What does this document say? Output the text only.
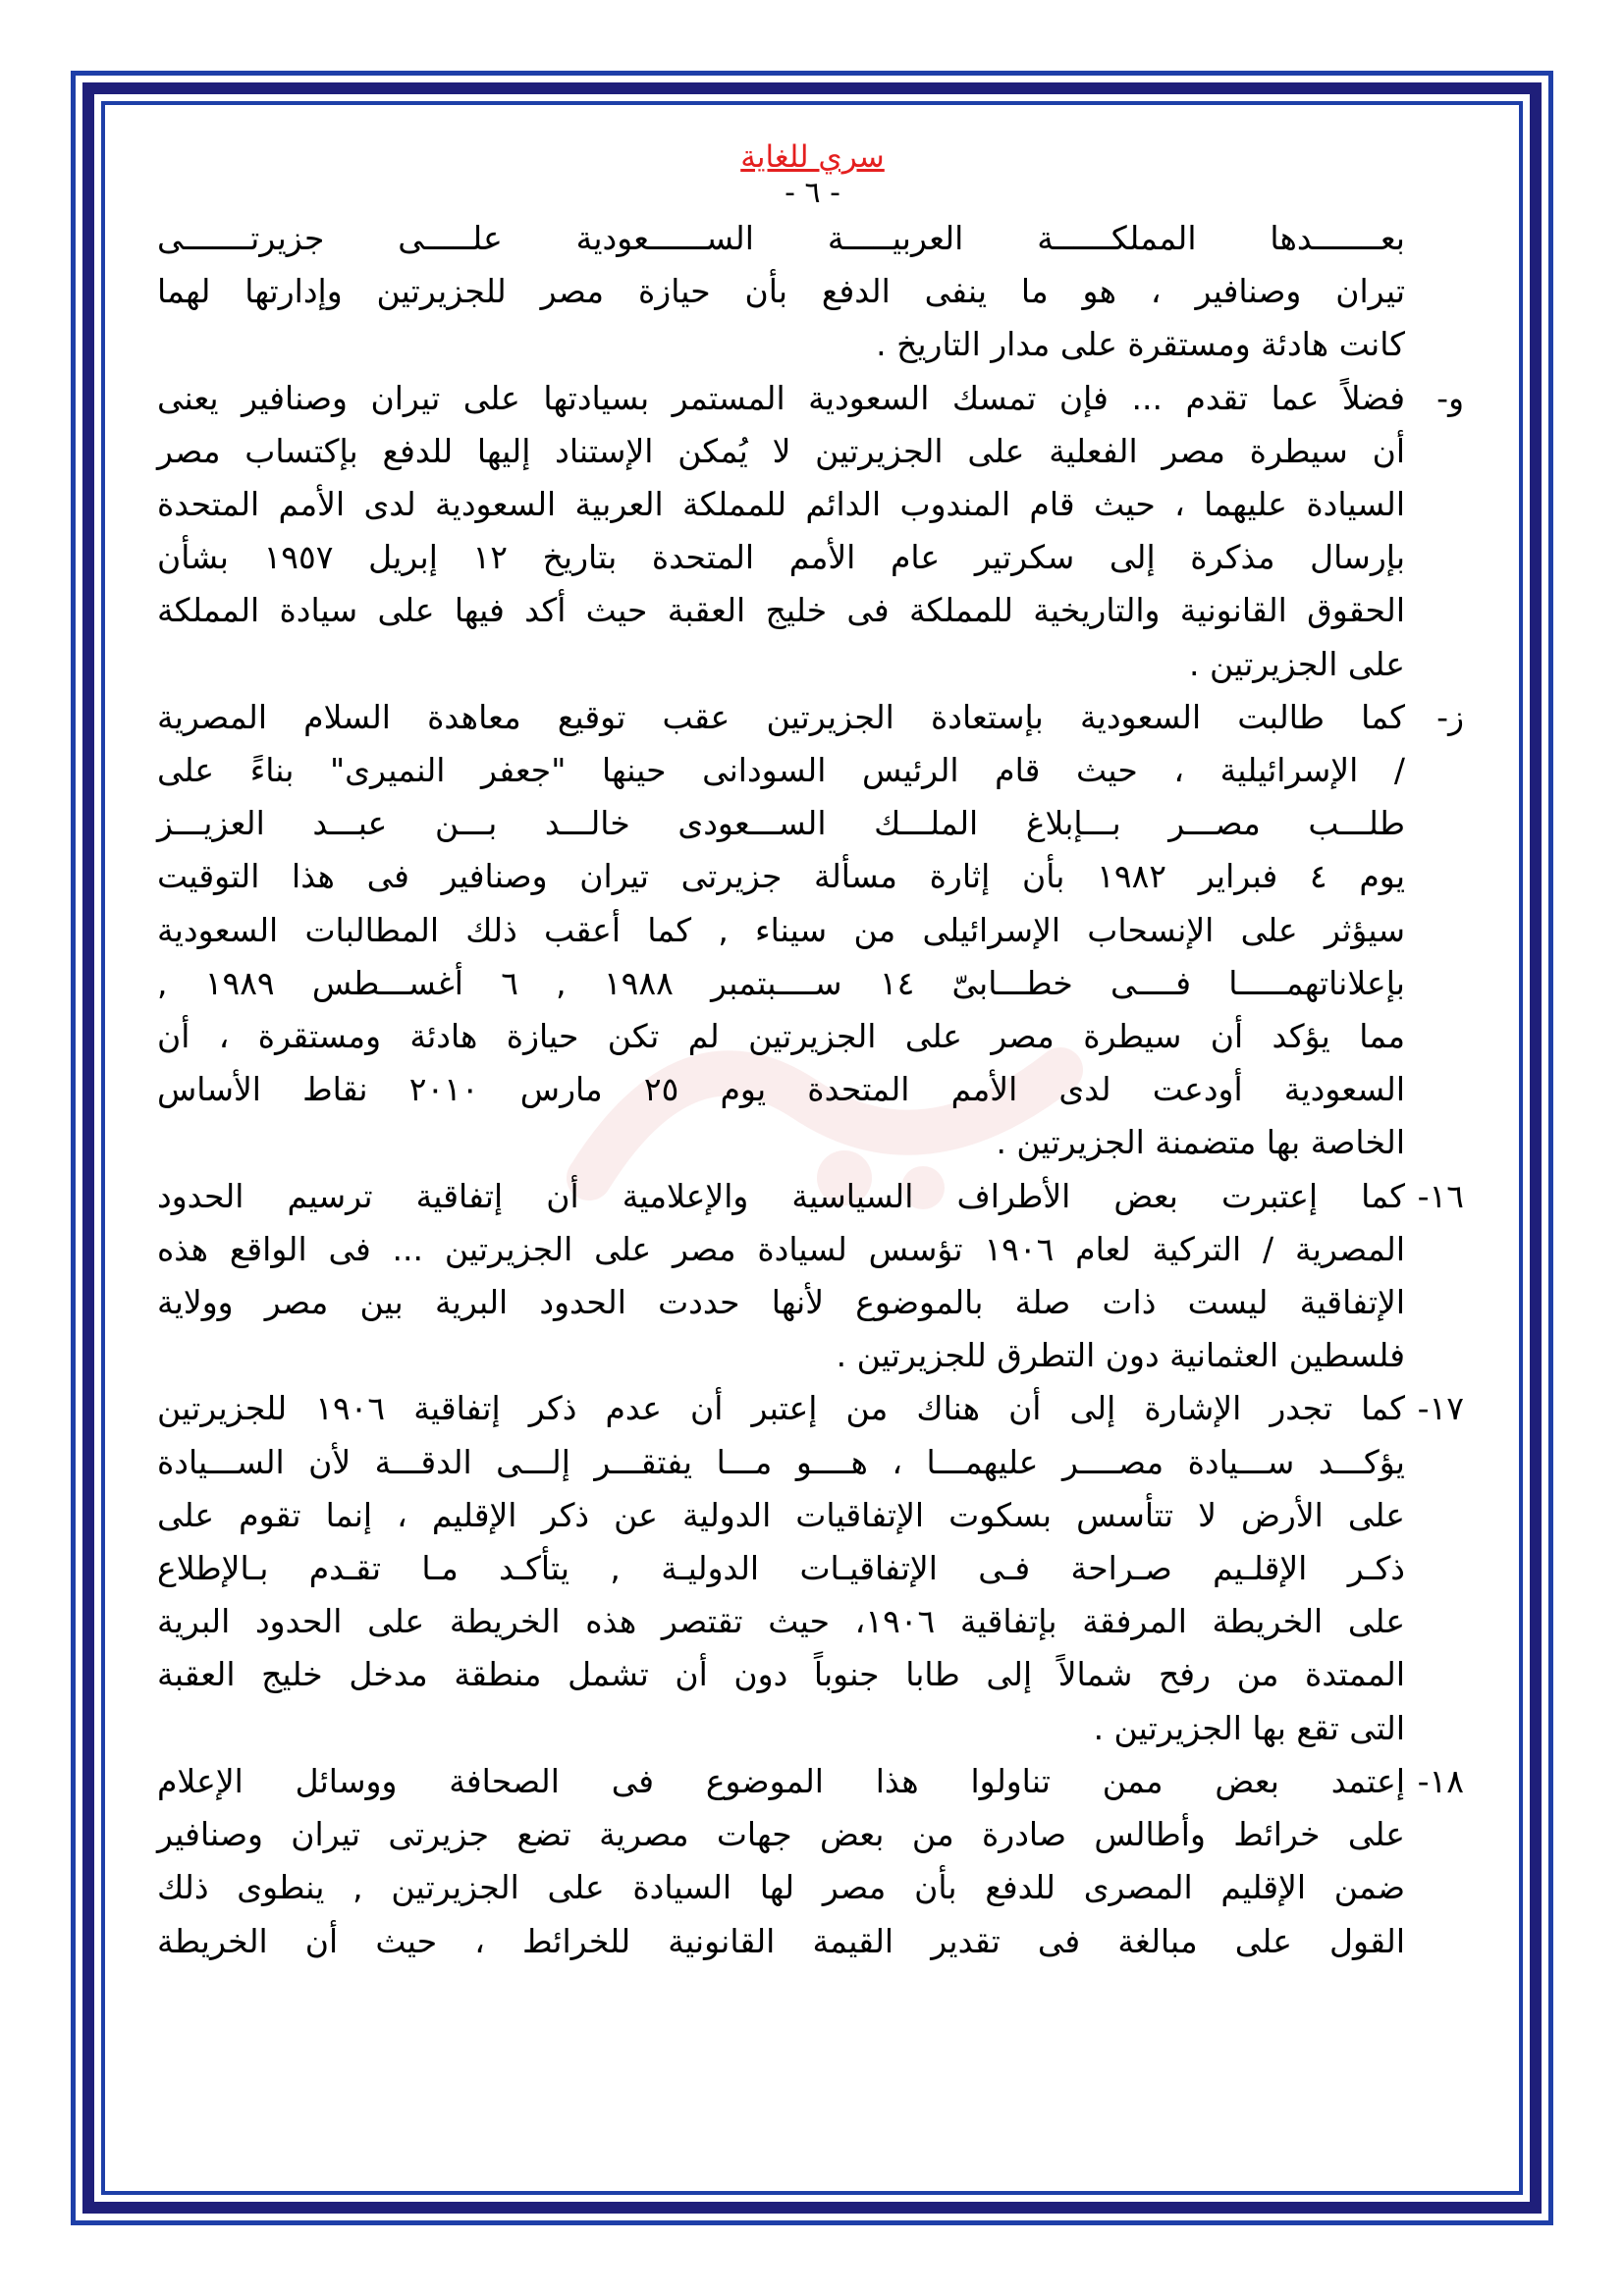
سري للغاية
- ٦ -
بعـــــــدها المملكــــــة العربيـــــة الســــــعودية علـــــى جزيرتـــــــى
تيران وصنافير ، هو ما ينفى الدفع بأن حيازة مصر للجزيرتين وإدارتها لهما
كانت هادئة ومستقرة على مدار التاريخ .
و-
فضلاً عما تقدم ... فإن تمسك السعودية المستمر بسيادتها على تيران وصنافير يعنى
أن سيطرة مصر الفعلية على الجزيرتين لا يُمكن الإستناد إليها للدفع بإكتساب مصر
السيادة عليهما ، حيث قام المندوب الدائم للمملكة العربية السعودية لدى الأمم المتحدة
بإرسال مذكرة إلى سكرتير عام الأمم المتحدة بتاريخ ١٢ إبريل ١٩٥٧ بشأن
الحقوق القانونية والتاريخية للمملكة فى خليج العقبة حيث أكد فيها على سيادة المملكة
على الجزيرتين .
ز-
كما طالبت السعودية بإستعادة الجزيرتين عقب توقيع معاهدة السلام المصرية
/ الإسرائيلية ، حيث قام الرئيس السودانى حينها "جعفر النميرى" بناءً على
طلـــب مصـــر بـــإبلاغ الملـــك الســـعودى خالـــد بـــن عبـــد العزيـــز
يوم ٤ فبراير ١٩٨٢ بأن إثارة مسألة جزيرتى تيران وصنافير فى هذا التوقيت
سيؤثر على الإنسحاب الإسرائيلى من سيناء , كما أعقب ذلك المطالبات السعودية
بإعلاناتهمـــــا فــــى خطـــابىّ ١٤ ســــبتمبر ١٩٨٨ , ٦ أغســـطس ١٩٨٩ ,
مما يؤكد أن سيطرة مصر على الجزيرتين لم تكن حيازة هادئة ومستقرة ، أن
السعودية أودعت لدى الأمم المتحدة يوم ٢٥ مارس ٢٠١٠ نقاط الأساس
الخاصة بها متضمنة الجزيرتين .
١٦-
كما إعتبرت بعض الأطراف السياسية والإعلامية أن إتفاقية ترسيم الحدود
المصرية / التركية لعام ١٩٠٦ تؤسس لسيادة مصر على الجزيرتين ... فى الواقع هذه
الإتفاقية ليست ذات صلة بالموضوع لأنها حددت الحدود البرية بين مصر وولاية
فلسطين العثمانية دون التطرق للجزيرتين .
١٧-
كما تجدر الإشارة إلى أن هناك من إعتبر أن عدم ذكر إتفاقية ١٩٠٦ للجزيرتين
يؤكـــد ســـيادة مصــــر عليهمـــا ، هــــو مـــا يفتقـــر إلـــى الدقـــة لأن الســـيادة
على الأرض لا تتأسس بسكوت الإتفاقيات الدولية عن ذكر الإقليم ، إنما تقوم على
ذكـر الإقلـيم صـراحة فـى الإتفاقيـات الدوليـة , يتأكـد مـا تقـدم بـالإطلاع
على الخريطة المرفقة بإتفاقية ١٩٠٦، حيث تقتصر هذه الخريطة على الحدود البرية
الممتدة من رفح شمالاً إلى طابا جنوباً دون أن تشمل منطقة مدخل خليج العقبة
التى تقع بها الجزيرتين .
١٨-
إعتمد بعض ممن تناولوا هذا الموضوع فى الصحافة ووسائل الإعلام
على خرائط وأطالس صادرة من بعض جهات مصرية تضع جزيرتى تيران وصنافير
ضمن الإقليم المصرى للدفع بأن مصر لها السيادة على الجزيرتين , ينطوى ذلك
القول على مبالغة فى تقدير القيمة القانونية للخرائط ، حيث أن الخريطة
